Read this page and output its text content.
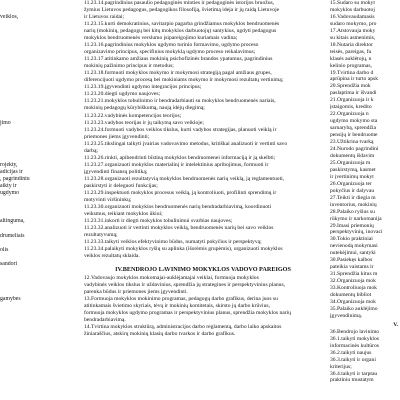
veiklos,

jimo

rojekty,
adicijas ir
, pagrindiniu
aikty ir
ugdymo

altinguma,

drumeliais

olis

sandori

gamybes

11.23.14.pagrindinius pasaulio pedagoginės minties ir pedagoginės istorijos bruožus,
žymius Lietuvos pedagogus, pedagogikos filosofiją, švietimą ideja ir jų raidą Lietuvoje
ir Lietuvos raidai;
11.23.15.kurti demokratinius, savitarpio pagarba grindžiamus mokyklos bendruomenės
narių (mokinių, pedagogų bei kitų mokyklos darbuotojų) santykius, ugdyti pedagogus
mokyklos bendruomenės verslumo įsipareigojimo kuriamais vadina;
11.23.16.pagrindinius mokyklos ugdymo turinio formavimo, ugdymo proceso
organizavimo principus, specifinius mokyklą ugdymo proceso reikalavimus;
11.23.17.atitinkamo amžiaus mokinių psichofizinės brandos ypatumus, pagrindinius
mokinių pažinimo principus ir metodus;
11.23.18.formuoti mokyklos mokymo ir mokymosi strategiją pagal amžiaus grupes,
diferencijuoti ugdymo procesą bei mokiniams mokymo ir mokymosi rezultatų vertinimą;
11.23.19.įgyvendinti ugdymo integracijos principus;
11.23.20.diegti ugdymo naujoves;
11.23.21.mokyklos tobulinimo ir bendradarbiauti su mokyklos bendruomenės nariais,
mokinių pedagogų kūrybiškumą, naują idėjų diegimą;
11.23.22.vadybinės kompetencijos teorijos;
11.23.23.vadybos teorijas ir jų taikymą savo veikloje;
11.23.24.formuoti vadybos veiklos tikslus, kurti vadybos strategijas, planuoti veiklą ir
priemones jiems įgyvendinti;
11.23.25.tikslingai taikyti įvairias vadovavimo metodus, kritiškai analizuoti ir vertinti savo
darbą;
11.23.26.rinkti, apibendrinti bīstiną mokyklos bendruomenei informaciją ir ją skelbti;
11.23.27.organizuoti mokyklos materialinį ir intelektinius apribojimus, formuoti ir
įgyvendinti finansų politiką;
11.23.28.organizuoti rezultatyvią mokyklos bendruomenės narių veiklą, ją reglamentuoti,
paskirstyti ir deleguoti funkcijas;
11.23.29.inspektuoti mokyklos procesus veiklą, ją kontroliuoti, profilinti sprendimų ir
motyvinti viršininkų;
11.23.30.organizuoti mokyklos bendruomenės narių bendradarbiavimą, koordinuoti
veiksmus, teikiant mokyklos ūkiui;
11.23.31.inkorti ir diegti mokyklos tobulinimui svarbias naujoves;
11.23.32.analizuoti ir vertinti mokyklos veiklą, bendruomenės narių bei savo veiklos
rezultatyvumą;
11.23.33.taikyti veiklos efektyvinimo būdus, numatyti pokyčius ir perspektyvą;
11.23.34.palaikyti mokyklos ryšių su aplinka (išorėmis grupėmis), organizuoti mokyklos
veiklos rezultatų sklaida.
IV.BENDROJO LAVINIMO MOKYKLOS VADOVO PAREIGOS
12.Vadovaujo mokyklos mokomajai-auklėjamajai veiklai, formuoja mokyklos
vadybinės veiklos tikslus ir uždavinius, sprendžia jų strategines ir perspektyvinius planus,
parenka būdus ir priemones jiems įgyvendinti.
13.Formuoja mokyklos mokinimo programas, pedagogų darbo grafikus, derina juos su
atitinkamais švietimo skyriais, tėvų ir mokinių komitetais, skirsto jų darbo krūvius,
formuoja mokyklos ugdymo programas ir perspektyvinius planus, sprendžia mokyklos narių
bendradarbiavimą.
14.Tvirtina mokyklos struktūrą, administracijos darbo reglamentą, darbo laiko apskaitos
žiniaraščius, atskirų mokinių klasių darbo tvarkos ir darbo grafikus.
15.Sudaro su mokyt
mokyklos darbuotoj
16.Vadovaudamasis
sudaro mokymo, pro
17.Atstovauja moky
su kitais asmenimis,
18.Nutaria direktor
teisės, pareigas, fu
klasės auklėtojų, n
kelinio programas,
19.Tvirtina darbo d
aprūpina ir turto apsk
20.Sprendžia mok
paslaptima ir išvandi
21.Organizuoja ir k
įstaigomis, kredito
22.Organizuoja n
ugdymo mokymo sta
sarnarybą, sprendžia
pensijų ir bendruome
23.Užtikrina tvarką
24.Nurodo pagrindini
dokumentų išdavim
25.Organizuoja m
paskirstymą, kasmet
ir įvertinimų mokyt
26.Organizuoja ter
pokyčius ir dalyvau
27.Teikti ir diegia m
inventorius, mokinių
28.Palaiko ryšius su
rūkymo ir narkomanija
29.Imasi priemonių
perspektyvinių, inovaci
30.Tokio praktiniai
nevienodą mokymasi
nutekėjimui, santyki
30.Pasiekęs kalbos
pateikia vaistams ir
31.Sprendžia kitus m
32.Organizuoja mok
33.Kontroliuoja mok
dokumentų bibliot
34.Organizuoja mok
35.Palaiko auklėjimo
įgyvendinimą.
V.
36.Bendrojo lavinimo
36.1.taikyti mokyklos
informacinės kultūros
36.2.taikyti naujus
36.3.taikyti ir organi
kriterijus;
36.4.taikyti ir tarptau
praktiniu mustatym
